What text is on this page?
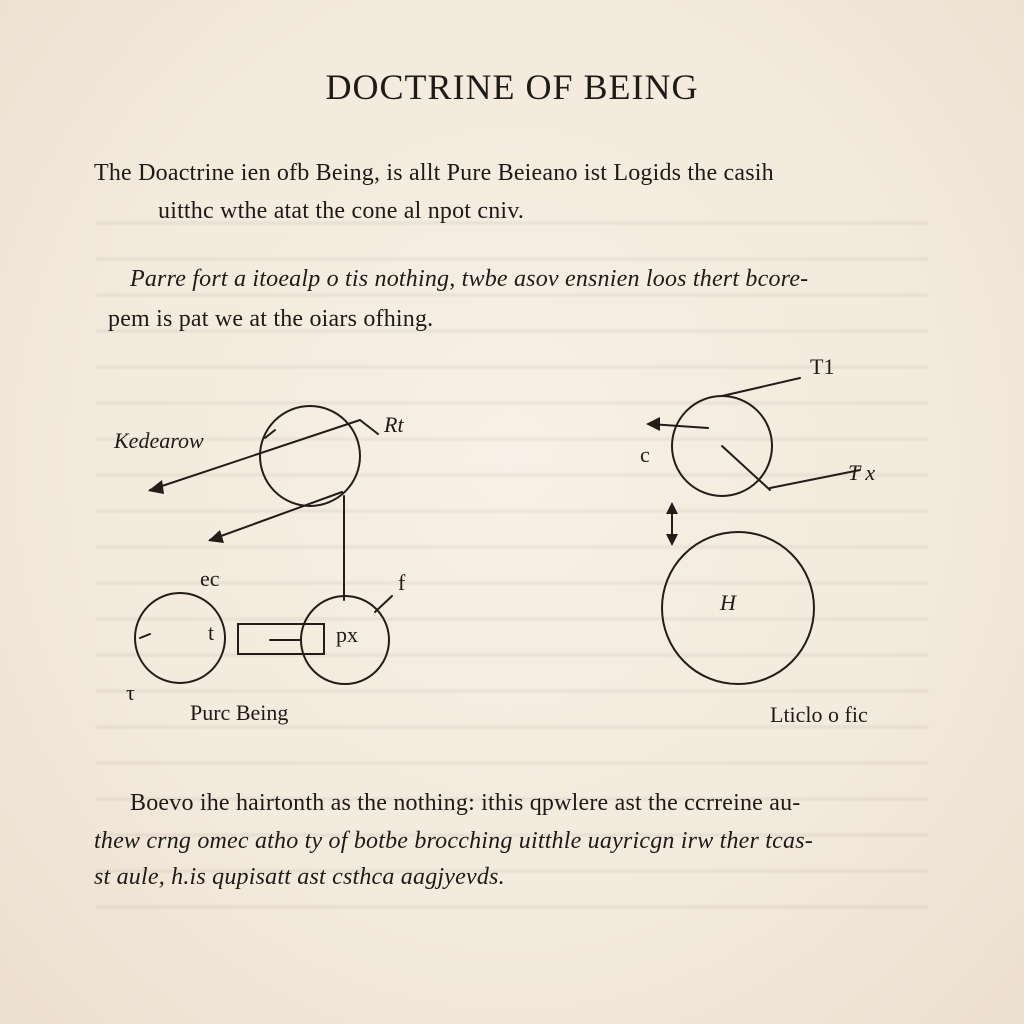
DOCTRINE OF BEING
The Doactrine ien ofb Being, is allt Pure Beieano ist Logids the casih
uitthc wthe atat the cone al npot cniv.
Parre fort a itoealp o tis nothing, twbe asov ensnien loos thert bcore-
pem is pat we at the oiars ofhing.
Kedearow
Rt
ec	f
t	px
τ
Purc Being
T1
c
T x
H
Lticlo o fic
Boevo ihe hairtonth as the nothing: ithis qpwlere ast the ccrreine au-
thew crng omec atho ty of botbe brocching uitthle uayricgn irw ther tcas-
st aule, h.is qupisatt ast csthca aagjyevds.
